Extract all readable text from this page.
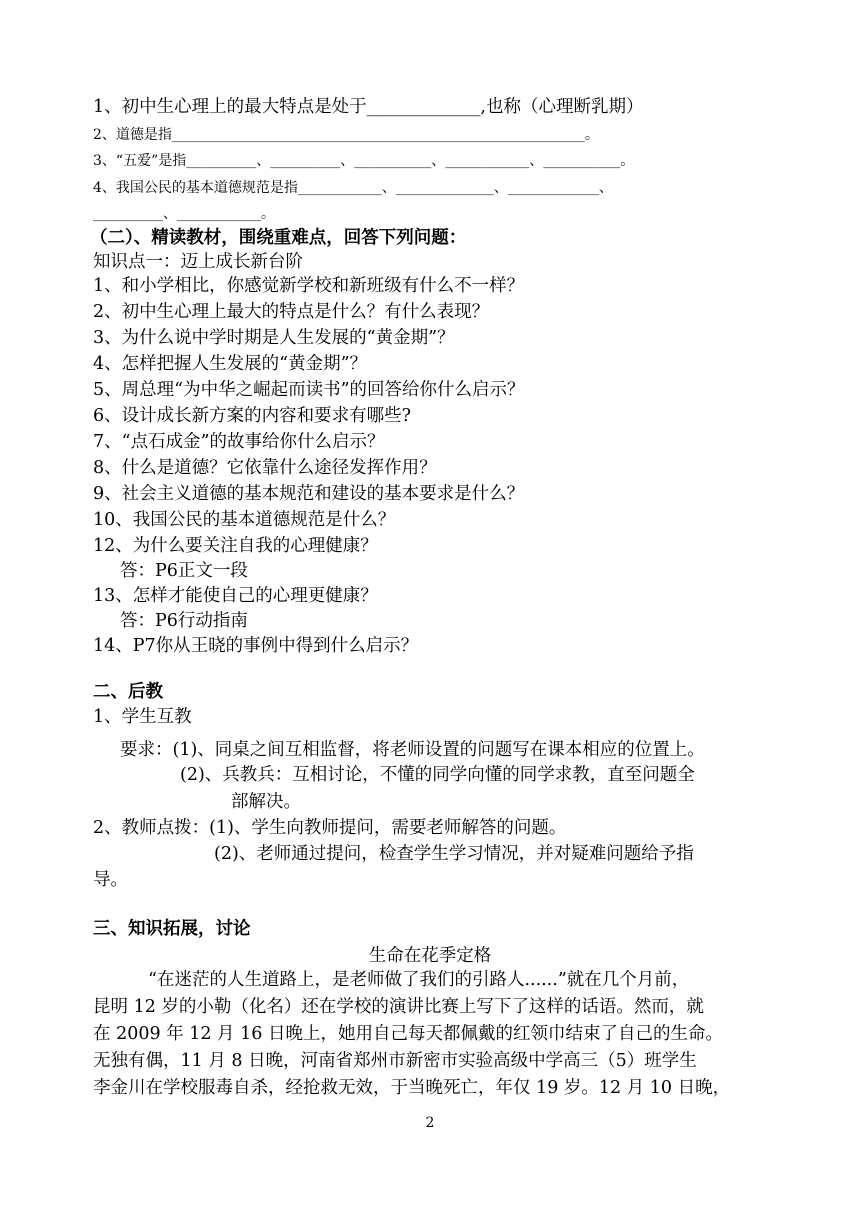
1、初中生心理上的最大特点是处于_____________,也称（心理断乳期）
2、道德是指___________________________________________________________。
3、“五爱”是指__________、__________、___________、____________、___________。
4、我国公民的基本道德规范是指____________、______________、_____________、
__________、____________。
（二）、精读教材，围绕重难点，回答下列问题：
知识点一：迈上成长新台阶
1、和小学相比，你感觉新学校和新班级有什么不一样？
2、初中生心理上最大的特点是什么？有什么表现？
3、为什么说中学时期是人生发展的“黄金期”？
4、怎样把握人生发展的“黄金期”？
5、周总理“为中华之崛起而读书”的回答给你什么启示？
6、设计成长新方案的内容和要求有哪些?
7、“点石成金”的故事给你什么启示？
8、什么是道德？它依靠什么途径发挥作用？
9、社会主义道德的基本规范和建设的基本要求是什么？
10、我国公民的基本道德规范是什么？
12、为什么要关注自我的心理健康？
答：P6正文一段
13、怎样才能使自己的心理更健康？
答：P6行动指南
14、P7你从王晓的事例中得到什么启示？
二、后教
1、学生互教
要求：(1)、同桌之间互相监督，将老师设置的问题写在课本相应的位置上。
(2)、兵教兵：互相讨论，不懂的同学向懂的同学求教，直至问题全
部解决。
2、教师点拨：(1)、学生向教师提问，需要老师解答的问题。
(2)、老师通过提问，检查学生学习情况，并对疑难问题给予指
导。
三、知识拓展，讨论
生命在花季定格
“在迷茫的人生道路上，是老师做了我们的引路人......”就在几个月前，
昆明 12 岁的小勒（化名）还在学校的演讲比赛上写下了这样的话语。然而，就
在 2009 年 12 月 16 日晚上，她用自己每天都佩戴的红领巾结束了自己的生命。
无独有偶，11 月 8 日晚，河南省郑州市新密市实验高级中学高三（5）班学生
李金川在学校服毒自杀，经抢救无效，于当晚死亡，年仅 19 岁。12 月 10 日晚，
2
